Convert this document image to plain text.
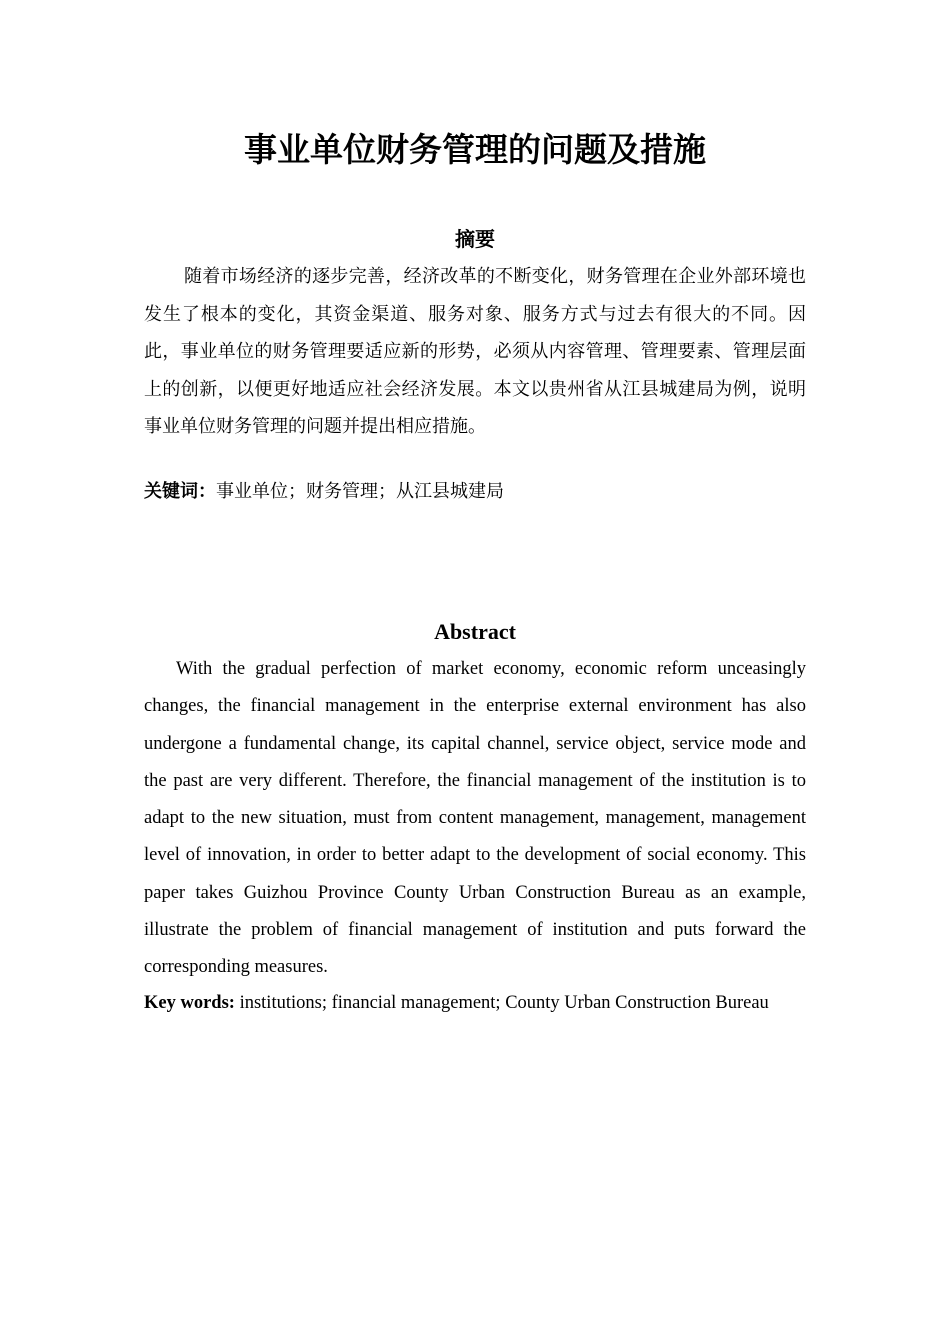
事业单位财务管理的问题及措施
摘要

随着市场经济的逐步完善，经济改革的不断变化，财务管理在企业外部环境也发生了根本的变化，其资金渠道、服务对象、服务方式与过去有很大的不同。因此，事业单位的财务管理要适应新的形势，必须从内容管理、管理要素、管理层面上的创新，以便更好地适应社会经济发展。本文以贵州省从江县城建局为例，说明事业单位财务管理的问题并提出相应措施。

关键词：事业单位；财务管理；从江县城建局
Abstract

With the gradual perfection of market economy, economic reform unceasingly changes, the financial management in the enterprise external environment has also undergone a fundamental change, its capital channel, service object, service mode and the past are very different. Therefore, the financial management of the institution is to adapt to the new situation, must from content management, management, management level of innovation, in order to better adapt to the development of social economy. This paper takes Guizhou Province County Urban Construction Bureau as an example, illustrate the problem of financial management of institution and puts forward the corresponding measures.

Key words: institutions; financial management; County Urban Construction Bureau
